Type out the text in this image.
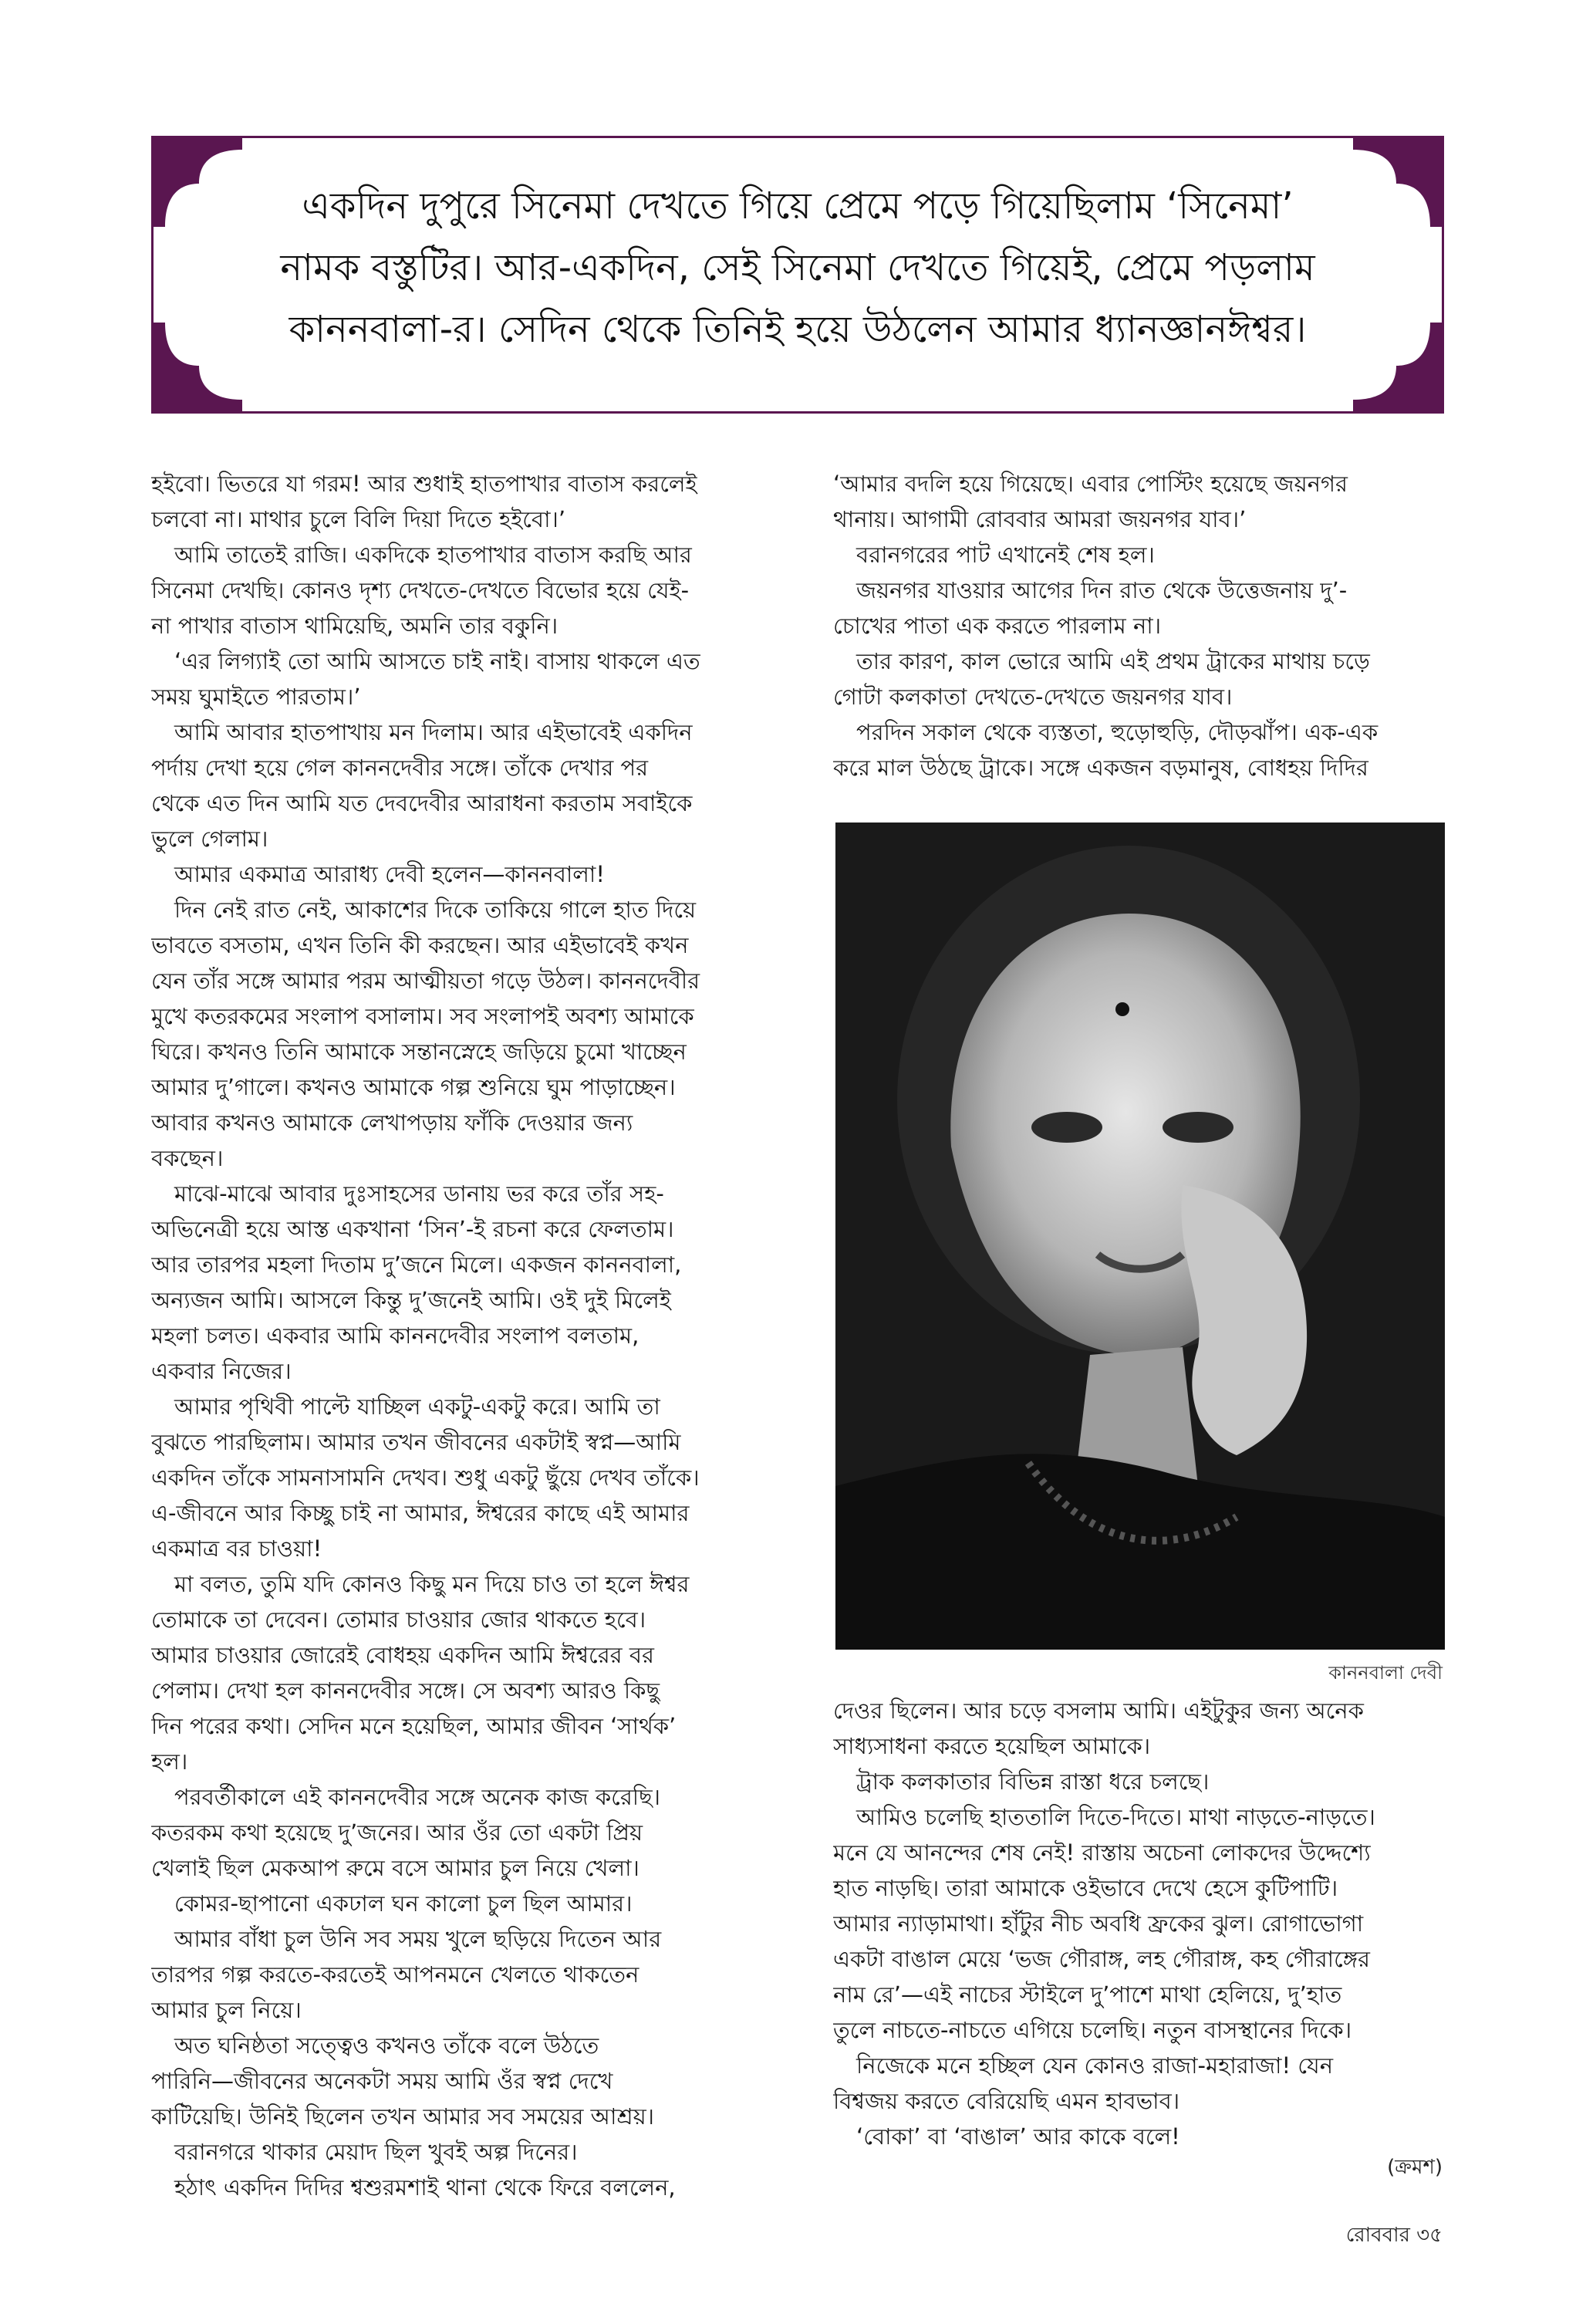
একদিন দুপুরে সিনেমা দেখতে গিয়ে প্রেমে পড়ে গিয়েছিলাম ‘সিনেমা’
নামক বস্তুটির। আর-একদিন, সেই সিনেমা দেখতে গিয়েই, প্রেমে পড়লাম
কাননবালা-র। সেদিন থেকে তিনিই হয়ে উঠলেন আমার ধ্যানজ্ঞানঈশ্বর।
হইবো। ভিতরে যা গরম! আর শুধাই হাতপাখার বাতাস করলেই
চলবো না। মাথার চুলে বিলি দিয়া দিতে হইবো।’
আমি তাতেই রাজি। একদিকে হাতপাখার বাতাস করছি আর
সিনেমা দেখছি। কোনও দৃশ্য দেখতে-দেখতে বিভোর হয়ে যেই-
না পাখার বাতাস থামিয়েছি, অমনি তার বকুনি।
‘এর লিগ্যাই তো আমি আসতে চাই নাই। বাসায় থাকলে এত
সময় ঘুমাইতে পারতাম।’
আমি আবার হাতপাখায় মন দিলাম। আর এইভাবেই একদিন
পর্দায় দেখা হয়ে গেল কাননদেবীর সঙ্গে। তাঁকে দেখার পর
থেকে এত দিন আমি যত দেবদেবীর আরাধনা করতাম সবাইকে
ভুলে গেলাম।
আমার একমাত্র আরাধ্য দেবী হলেন—কাননবালা!
দিন নেই রাত নেই, আকাশের দিকে তাকিয়ে গালে হাত দিয়ে
ভাবতে বসতাম, এখন তিনি কী করছেন। আর এইভাবেই কখন
যেন তাঁর সঙ্গে আমার পরম আত্মীয়তা গড়ে উঠল। কাননদেবীর
মুখে কতরকমের সংলাপ বসালাম। সব সংলাপই অবশ্য আমাকে
ঘিরে। কখনও তিনি আমাকে সন্তানস্নেহে জড়িয়ে চুমো খাচ্ছেন
আমার দু’গালে। কখনও আমাকে গল্প শুনিয়ে ঘুম পাড়াচ্ছেন।
আবার কখনও আমাকে লেখাপড়ায় ফাঁকি দেওয়ার জন্য
বকছেন।
মাঝে-মাঝে আবার দুঃসাহসের ডানায় ভর করে তাঁর সহ-
অভিনেত্রী হয়ে আস্ত একখানা ‘সিন’-ই রচনা করে ফেলতাম।
আর তারপর মহলা দিতাম দু’জনে মিলে। একজন কাননবালা,
অন্যজন আমি। আসলে কিন্তু দু’জনেই আমি। ওই দুই মিলেই
মহলা চলত। একবার আমি কাননদেবীর সংলাপ বলতাম,
একবার নিজের।
আমার পৃথিবী পাল্টে যাচ্ছিল একটু-একটু করে। আমি তা
বুঝতে পারছিলাম। আমার তখন জীবনের একটাই স্বপ্ন—আমি
একদিন তাঁকে সামনাসামনি দেখব। শুধু একটু ছুঁয়ে দেখব তাঁকে।
এ-জীবনে আর কিচ্ছু চাই না আমার, ঈশ্বরের কাছে এই আমার
একমাত্র বর চাওয়া!
মা বলত, তুমি যদি কোনও কিছু মন দিয়ে চাও তা হলে ঈশ্বর
তোমাকে তা দেবেন। তোমার চাওয়ার জোর থাকতে হবে।
আমার চাওয়ার জোরেই বোধহয় একদিন আমি ঈশ্বরের বর
পেলাম। দেখা হল কাননদেবীর সঙ্গে। সে অবশ্য আরও কিছু
দিন পরের কথা। সেদিন মনে হয়েছিল, আমার জীবন ‘সার্থক’
হল।
পরবর্তীকালে এই কাননদেবীর সঙ্গে অনেক কাজ করেছি।
কতরকম কথা হয়েছে দু’জনের। আর ওঁর তো একটা প্রিয়
খেলাই ছিল মেকআপ রুমে বসে আমার চুল নিয়ে খেলা।
কোমর-ছাপানো একঢাল ঘন কালো চুল ছিল আমার।
আমার বাঁধা চুল উনি সব সময় খুলে ছড়িয়ে দিতেন আর
তারপর গল্প করতে-করতেই আপনমনে খেলতে থাকতেন
আমার চুল নিয়ে।
অত ঘনিষ্ঠতা সত্ত্বেও কখনও তাঁকে বলে উঠতে
পারিনি—জীবনের অনেকটা সময় আমি ওঁর স্বপ্ন দেখে
কাটিয়েছি। উনিই ছিলেন তখন আমার সব সময়ের আশ্রয়।
বরানগরে থাকার মেয়াদ ছিল খুবই অল্প দিনের।
হঠাৎ একদিন দিদির শ্বশুরমশাই থানা থেকে ফিরে বললেন,
‘আমার বদলি হয়ে গিয়েছে। এবার পোস্টিং হয়েছে জয়নগর
থানায়। আগামী রোববার আমরা জয়নগর যাব।’
বরানগরের পাট এখানেই শেষ হল।
জয়নগর যাওয়ার আগের দিন রাত থেকে উত্তেজনায় দু’-
চোখের পাতা এক করতে পারলাম না।
তার কারণ, কাল ভোরে আমি এই প্রথম ট্রাকের মাথায় চড়ে
গোটা কলকাতা দেখতে-দেখতে জয়নগর যাব।
পরদিন সকাল থেকে ব্যস্ততা, হুড়োহুড়ি, দৌড়ঝাঁপ। এক-এক
করে মাল উঠছে ট্রাকে। সঙ্গে একজন বড়মানুষ, বোধহয় দিদির
কাননবালা দেবী
দেওর ছিলেন। আর চড়ে বসলাম আমি। এইটুকুর জন্য অনেক
সাধ্যসাধনা করতে হয়েছিল আমাকে।
ট্রাক কলকাতার বিভিন্ন রাস্তা ধরে চলছে।
আমিও চলেছি হাততালি দিতে-দিতে। মাথা নাড়তে-নাড়তে।
মনে যে আনন্দের শেষ নেই! রাস্তায় অচেনা লোকদের উদ্দেশ্যে
হাত নাড়ছি। তারা আমাকে ওইভাবে দেখে হেসে কুটিপাটি।
আমার ন্যাড়ামাথা। হাঁটুর নীচ অবধি ফ্রকের ঝুল। রোগাভোগা
একটা বাঙাল মেয়ে ‘ভজ গৌরাঙ্গ, লহ গৌরাঙ্গ, কহ গৌরাঙ্গের
নাম রে’—এই নাচের স্টাইলে দু’পাশে মাথা হেলিয়ে, দু’হাত
তুলে নাচতে-নাচতে এগিয়ে চলেছি। নতুন বাসস্থানের দিকে।
নিজেকে মনে হচ্ছিল যেন কোনও রাজা-মহারাজা! যেন
বিশ্বজয় করতে বেরিয়েছি এমন হাবভাব।
‘বোকা’ বা ‘বাঙাল’ আর কাকে বলে!
(ক্রমশ)
রোববার ৩৫
